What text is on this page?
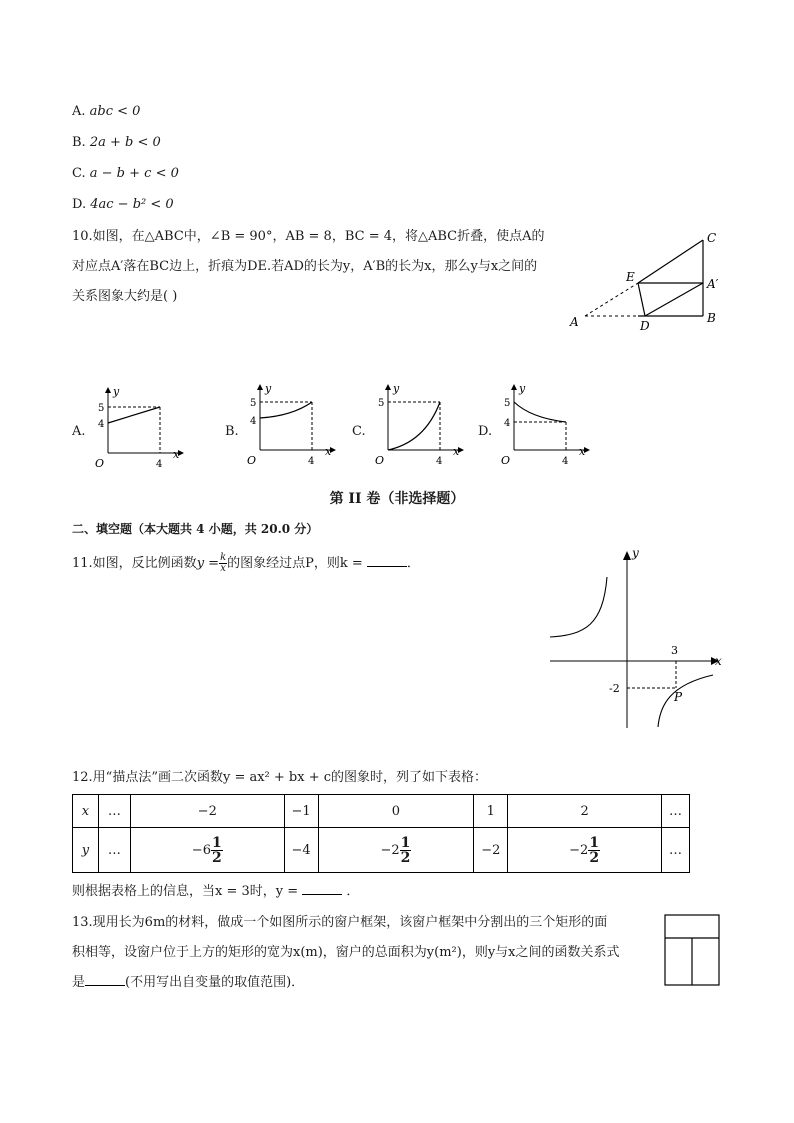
A. abc < 0
B. 2a + b < 0
C. a − b + c < 0
D. 4ac − b² < 0
10.如图，在△ABC中，∠B = 90°，AB = 8，BC = 4，将△ABC折叠，使点A的
对应点A′落在BC边上，折痕为DE.若AD的长为y，A′B的长为x，那么y与x之间的
关系图象大约是( )
A	B
C
D
E	A′
A.
y
x
O
5
4
4
B.
y
x
O
5
4
4
C.
y
x
O
5
4
D.
y
x
O
5
4
4
第 II 卷（非选择题）
二、填空题（本大题共 4 小题，共 20.0 分）
11.如图，反比例函数$y = \frac{k}{x}$ 的图象经过点P，则k =	．
y
x
3
-2
P
12.用“描点法”画二次函数y = ax² + bx + c的图象时，列了如下表格：
x	…	−2	−1	0	1	2	…
y	…	$-6 \frac{1}{2}$	−4	$-2 \frac{1}{2}$	−2	$-2 \frac{1}{2}$	…
则根据表格上的信息，当x = 3时，y =	．
13.现用长为6m的材料，做成一个如图所示的窗户框架，该窗户框架中分割出的三个矩形的面
积相等，设窗户位于上方的矩形的宽为x(m)，窗户的总面积为y(m²)，则y与x之间的函数关系式
是	(不用写出自变量的取值范围)．
